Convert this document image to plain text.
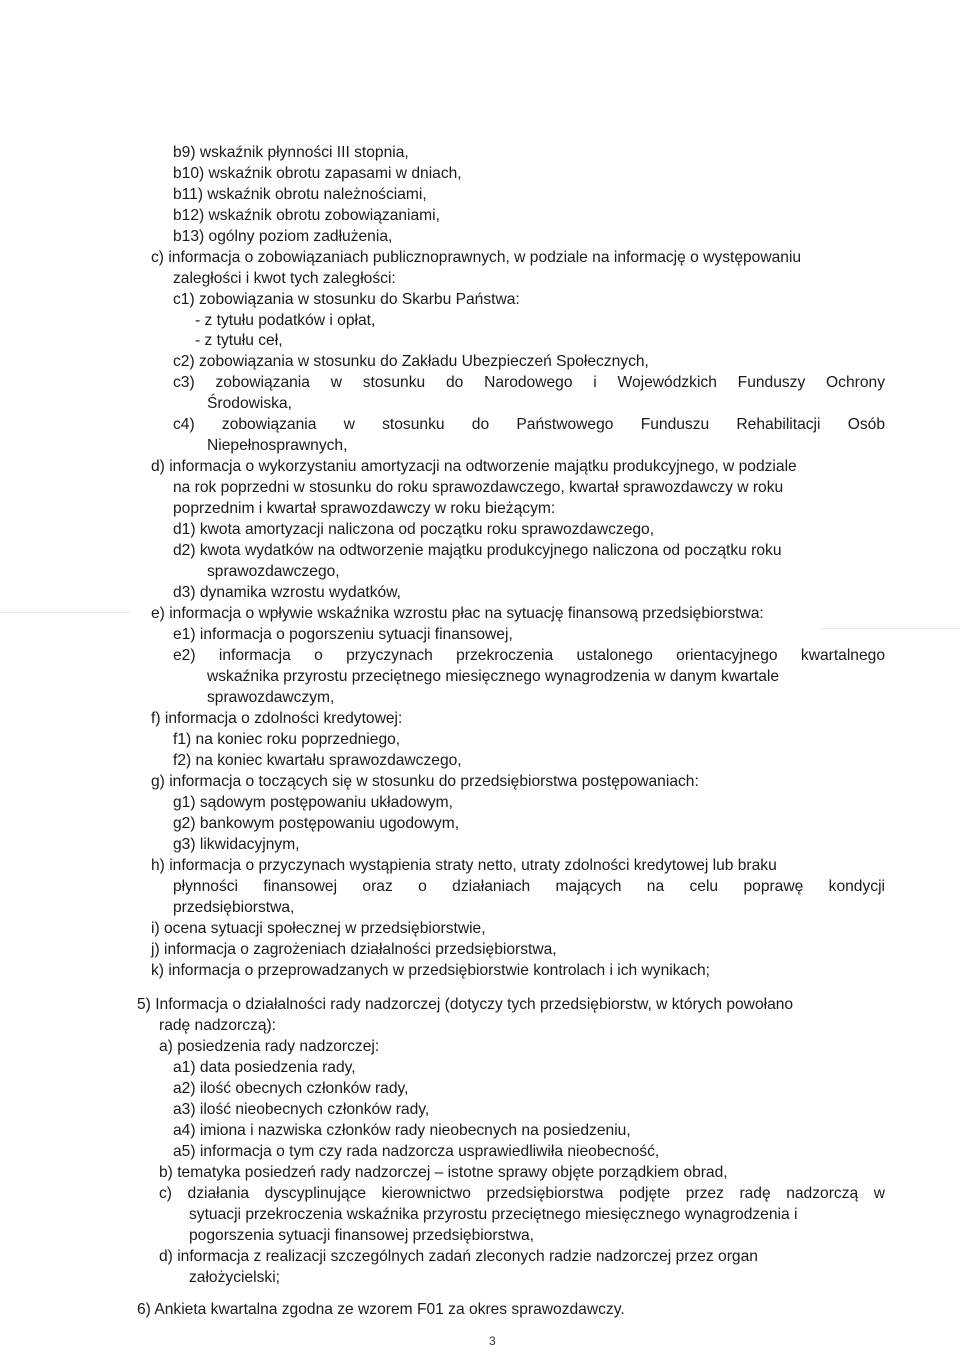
b9) wskaźnik płynności III stopnia,
b10) wskaźnik obrotu zapasami w dniach,
b11) wskaźnik obrotu należnościami,
b12) wskaźnik obrotu zobowiązaniami,
b13) ogólny poziom zadłużenia,
c) informacja o zobowiązaniach publicznoprawnych, w podziale na informację o występowaniu
zaległości i kwot tych zaległości:
c1) zobowiązania w stosunku do Skarbu Państwa:
- z tytułu podatków i opłat,
- z tytułu ceł,
c2) zobowiązania w stosunku do Zakładu Ubezpieczeń Społecznych,
c3) zobowiązania w stosunku do Narodowego i Wojewódzkich Funduszy Ochrony
Środowiska,
c4) zobowiązania w stosunku do Państwowego Funduszu Rehabilitacji Osób
Niepełnosprawnych,
d) informacja o wykorzystaniu amortyzacji na odtworzenie majątku produkcyjnego, w podziale
na rok poprzedni w stosunku do roku sprawozdawczego, kwartał sprawozdawczy w roku
poprzednim i kwartał sprawozdawczy w roku bieżącym:
d1) kwota amortyzacji naliczona od początku roku sprawozdawczego,
d2) kwota wydatków na odtworzenie majątku produkcyjnego naliczona od początku roku
sprawozdawczego,
d3) dynamika wzrostu wydatków,
e) informacja o wpływie wskaźnika wzrostu płac na sytuację finansową przedsiębiorstwa:
e1) informacja o pogorszeniu sytuacji finansowej,
e2) informacja o przyczynach przekroczenia ustalonego orientacyjnego kwartalnego
wskaźnika przyrostu przeciętnego miesięcznego wynagrodzenia w danym kwartale
sprawozdawczym,
f) informacja o zdolności kredytowej:
f1) na koniec roku poprzedniego,
f2) na koniec kwartału sprawozdawczego,
g) informacja o toczących się w stosunku do przedsiębiorstwa postępowaniach:
g1) sądowym postępowaniu układowym,
g2) bankowym postępowaniu ugodowym,
g3) likwidacyjnym,
h) informacja o przyczynach wystąpienia straty netto, utraty zdolności kredytowej lub braku
płynności finansowej oraz o działaniach mających na celu poprawę kondycji
przedsiębiorstwa,
i) ocena sytuacji społecznej w przedsiębiorstwie,
j) informacja o zagrożeniach działalności przedsiębiorstwa,
k) informacja o przeprowadzanych w przedsiębiorstwie kontrolach i ich wynikach;
5) Informacja o działalności rady nadzorczej (dotyczy tych przedsiębiorstw, w których powołano
radę nadzorczą):
a) posiedzenia rady nadzorczej:
a1) data posiedzenia rady,
a2) ilość obecnych członków rady,
a3) ilość nieobecnych członków rady,
a4) imiona i nazwiska członków rady nieobecnych na posiedzeniu,
a5) informacja o tym czy rada nadzorcza usprawiedliwiła nieobecność,
b) tematyka posiedzeń rady nadzorczej – istotne sprawy objęte porządkiem obrad,
c) działania dyscyplinujące kierownictwo przedsiębiorstwa podjęte przez radę nadzorczą w
sytuacji przekroczenia wskaźnika przyrostu przeciętnego miesięcznego wynagrodzenia i
pogorszenia sytuacji finansowej przedsiębiorstwa,
d) informacja z realizacji szczególnych zadań zleconych radzie nadzorczej przez organ
założycielski;
6) Ankieta kwartalna zgodna ze wzorem F01 za okres sprawozdawczy.
3
